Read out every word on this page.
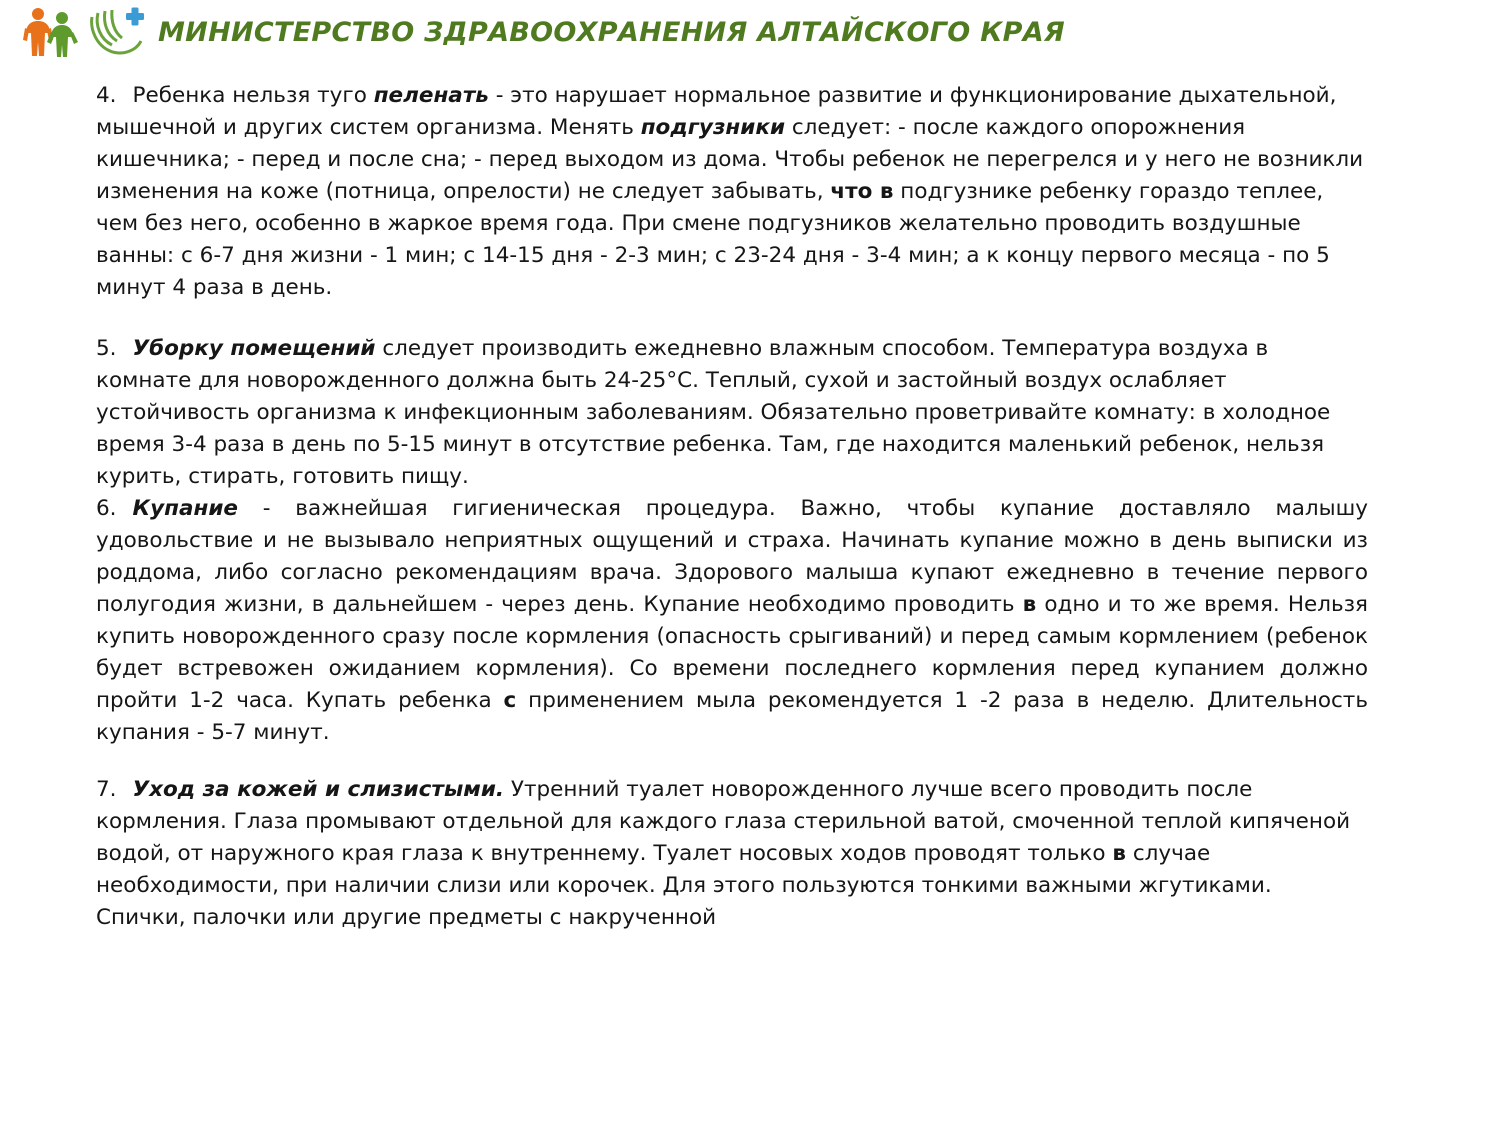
МИНИСТЕРСТВО ЗДРАВООХРАНЕНИЯ АЛТАЙСКОГО КРАЯ

4. Ребенка нельзя туго пеленать - это нарушает нормальное развитие и функционирование дыхательной, мышечной и других систем организма. Менять подгузники следует: - после каждого опорожнения кишечника; - перед и после сна; - перед выходом из дома. Чтобы ребенок не перегрелся и у него не возникли изменения на коже (потница, опрелости) не следует забывать, что в подгузнике ребенку гораздо теплее, чем без него, особенно в жаркое время года. При смене подгузников желательно проводить воздушные ванны: с 6-7 дня жизни - 1 мин; с 14-15 дня - 2-3 мин; с 23-24 дня - 3-4 мин; а к концу первого месяца - по 5 минут 4 раза в день.

5. Уборку помещений следует производить ежедневно влажным способом. Температура воздуха в комнате для новорожденного должна быть 24-25°С. Теплый, сухой и застойный воздух ослабляет устойчивость организма к инфекционным заболеваниям. Обязательно проветривайте комнату: в холодное время 3-4 раза в день по 5-15 минут в отсутствие ребенка. Там, где находится маленький ребенок, нельзя курить, стирать, готовить пищу.

6. Купание - важнейшая гигиеническая процедура. Важно, чтобы купание доставляло малышу удовольствие и не вызывало неприятных ощущений и страха. Начинать купание можно в день выписки из роддома, либо согласно рекомендациям врача. Здорового малыша купают ежедневно в течение первого полугодия жизни, в дальнейшем - через день. Купание необходимо проводить в одно и то же время. Нельзя купить новорожденного сразу после кормления (опасность срыгиваний) и перед самым кормлением (ребенок будет встревожен ожиданием кормления). Со времени последнего кормления перед купанием должно пройти 1-2 часа. Купать ребенка с применением мыла рекомендуется 1 -2 раза в неделю. Длительность купания - 5-7 минут.

7. Уход за кожей и слизистыми. Утренний туалет новорожденного лучше всего проводить после кормления. Глаза промывают отдельной для каждого глаза стерильной ватой, смоченной теплой кипяченой водой, от наружного края глаза к внутреннему. Туалет носовых ходов проводят только в случае необходимости, при наличии слизи или корочек. Для этого пользуются тонкими важными жгутиками. Спички, палочки или другие предметы с накрученной
